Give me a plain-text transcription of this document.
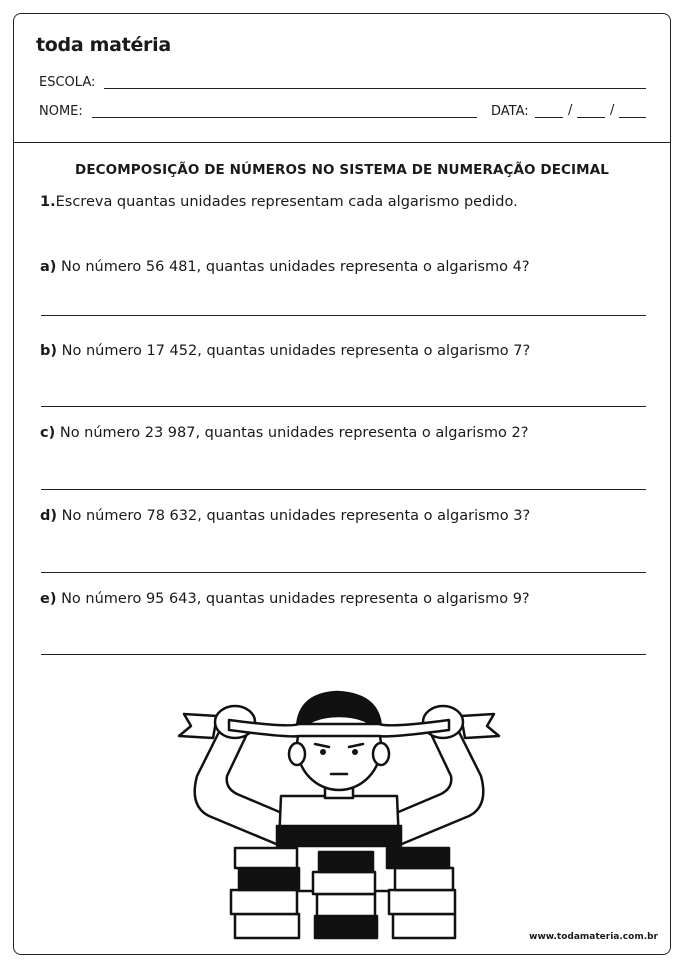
toda matéria
ESCOLA:
NOME:	DATA:	/	/
DECOMPOSIÇÃO DE NÚMEROS NO SISTEMA DE NUMERAÇÃO DECIMAL
1.Escreva quantas unidades representam cada algarismo pedido.
a) No número 56 481, quantas unidades representa o algarismo 4?
b) No número 17 452, quantas unidades representa o algarismo 7?
c) No número 23 987, quantas unidades representa o algarismo 2?
d) No número 78 632, quantas unidades representa o algarismo 3?
e) No número 95 643, quantas unidades representa o algarismo 9?
www.todamateria.com.br
